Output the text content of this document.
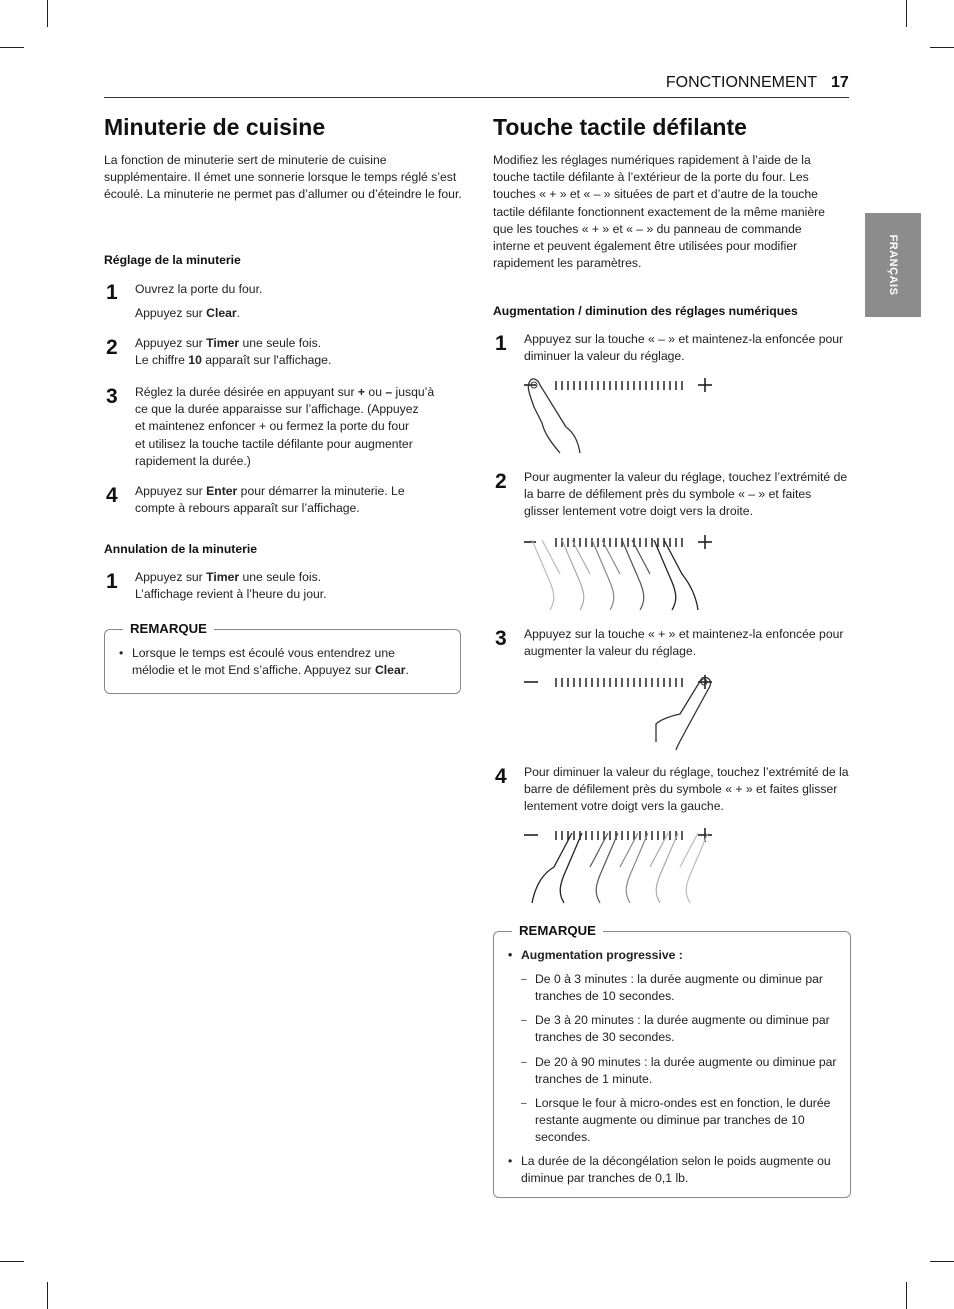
FONCTIONNEMENT 17
FRANÇAIS
Minuterie de cuisine

La fonction de minuterie sert de minuterie de cuisine supplémentaire. Il émet une sonnerie lorsque le temps réglé s’est écoulé. La minuterie ne permet pas d’allumer ou d’éteindre le four.

Réglage de la minuterie
1 Ouvrez la porte du four.
Appuyez sur Clear.
2 Appuyez sur Timer une seule fois.
Le chiffre 10 apparaît sur l'affichage.
3 Réglez la durée désirée en appuyant sur + ou – jusqu’à
ce que la durée apparaisse sur l’affichage. (Appuyez
et maintenez enfoncer + ou fermez la porte du four
et utilisez la touche tactile défilante pour augmenter
rapidement la durée.)
4 Appuyez sur Enter pour démarrer la minuterie. Le
compte à rebours apparaît sur l’affichage.
Annulation de la minuterie
1 Appuyez sur Timer une seule fois.
L’affichage revient à l’heure du jour.
REMARQUE
• Lorsque le temps est écoulé vous entendrez une
mélodie et le mot End s’affiche. Appuyez sur Clear.
Touche tactile défilante

Modifiez les réglages numériques rapidement à l’aide de la touche tactile défilante à l’extérieur de la porte du four. Les touches « + » et « – » situées de part et d’autre de la touche tactile défilante fonctionnent exactement de la même manière que les touches « + » et « – » du panneau de commande interne et peuvent également être utilisées pour modifier rapidement les paramètres.

Augmentation / diminution des réglages numériques
1 Appuyez sur la touche « – » et maintenez-la enfoncée pour diminuer la valeur du réglage.

2 Pour augmenter la valeur du réglage, touchez l’extrémité de la barre de défilement près du symbole « – » et faites glisser lentement votre doigt vers la droite.

3 Appuyez sur la touche « + » et maintenez-la enfoncée pour augmenter la valeur du réglage.

4 Pour diminuer la valeur du réglage, touchez l’extrémité de la barre de défilement près du symbole « + » et faites glisser lentement votre doigt vers la gauche.

REMARQUE
• Augmentation progressive :
– De 0 à 3 minutes : la durée augmente ou diminue par tranches de 10 secondes.
– De 3 à 20 minutes : la durée augmente ou diminue par tranches de 30 secondes.
– De 20 à 90 minutes : la durée augmente ou diminue par tranches de 1 minute.
– Lorsque le four à micro-ondes est en fonction, le durée restante augmente ou diminue par tranches de 10 secondes.
• La durée de la décongélation selon le poids augmente ou diminue par tranches de 0,1 lb.
